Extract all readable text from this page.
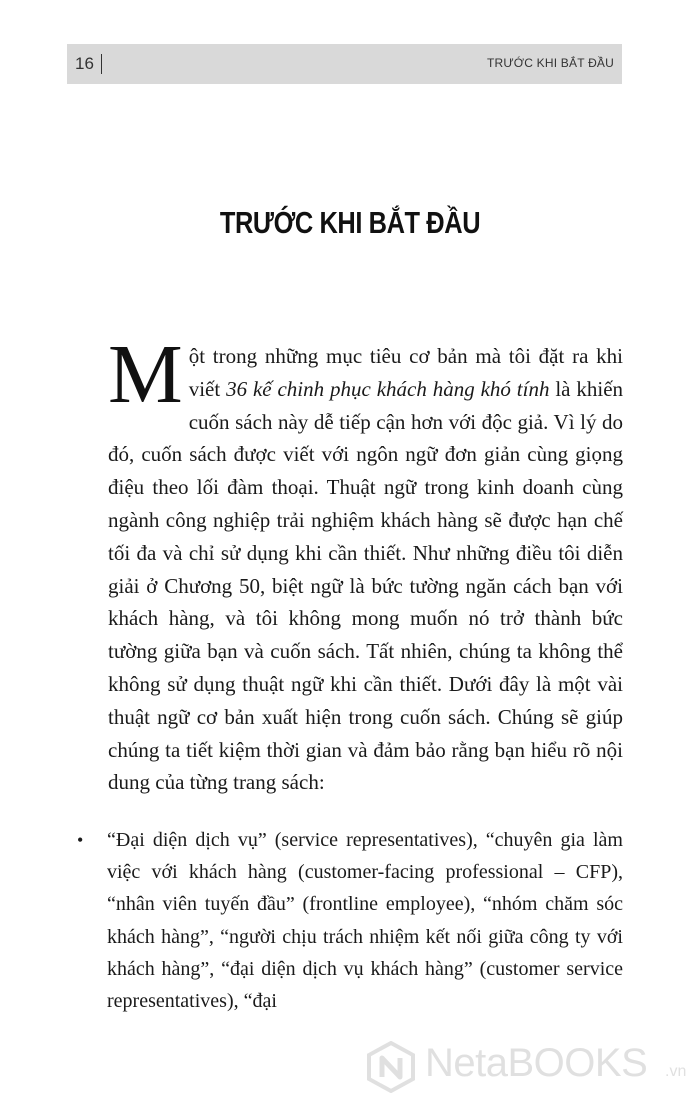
16	TRƯỚC KHI BẮT ĐẦU
TRƯỚC KHI BẮT ĐẦU

Một trong những mục tiêu cơ bản mà tôi đặt ra khi viết 36 kế chinh phục khách hàng khó tính là khiến cuốn sách này dễ tiếp cận hơn với độc giả. Vì lý do đó, cuốn sách được viết với ngôn ngữ đơn giản cùng giọng điệu theo lối đàm thoại. Thuật ngữ trong kinh doanh cùng ngành công nghiệp trải nghiệm khách hàng sẽ được hạn chế tối đa và chỉ sử dụng khi cần thiết. Như những điều tôi diễn giải ở Chương 50, biệt ngữ là bức tường ngăn cách bạn với khách hàng, và tôi không mong muốn nó trở thành bức tường giữa bạn và cuốn sách. Tất nhiên, chúng ta không thể không sử dụng thuật ngữ khi cần thiết. Dưới đây là một vài thuật ngữ cơ bản xuất hiện trong cuốn sách. Chúng sẽ giúp chúng ta tiết kiệm thời gian và đảm bảo rằng bạn hiểu rõ nội dung của từng trang sách:

• “Đại diện dịch vụ” (service representatives), “chuyên gia làm việc với khách hàng (customer-facing professional – CFP), “nhân viên tuyến đầu” (frontline employee), “nhóm chăm sóc khách hàng”, “người chịu trách nhiệm kết nối giữa công ty với khách hàng”, “đại diện dịch vụ khách hàng” (customer service representatives), “đại
NetaBOOKS .vn
